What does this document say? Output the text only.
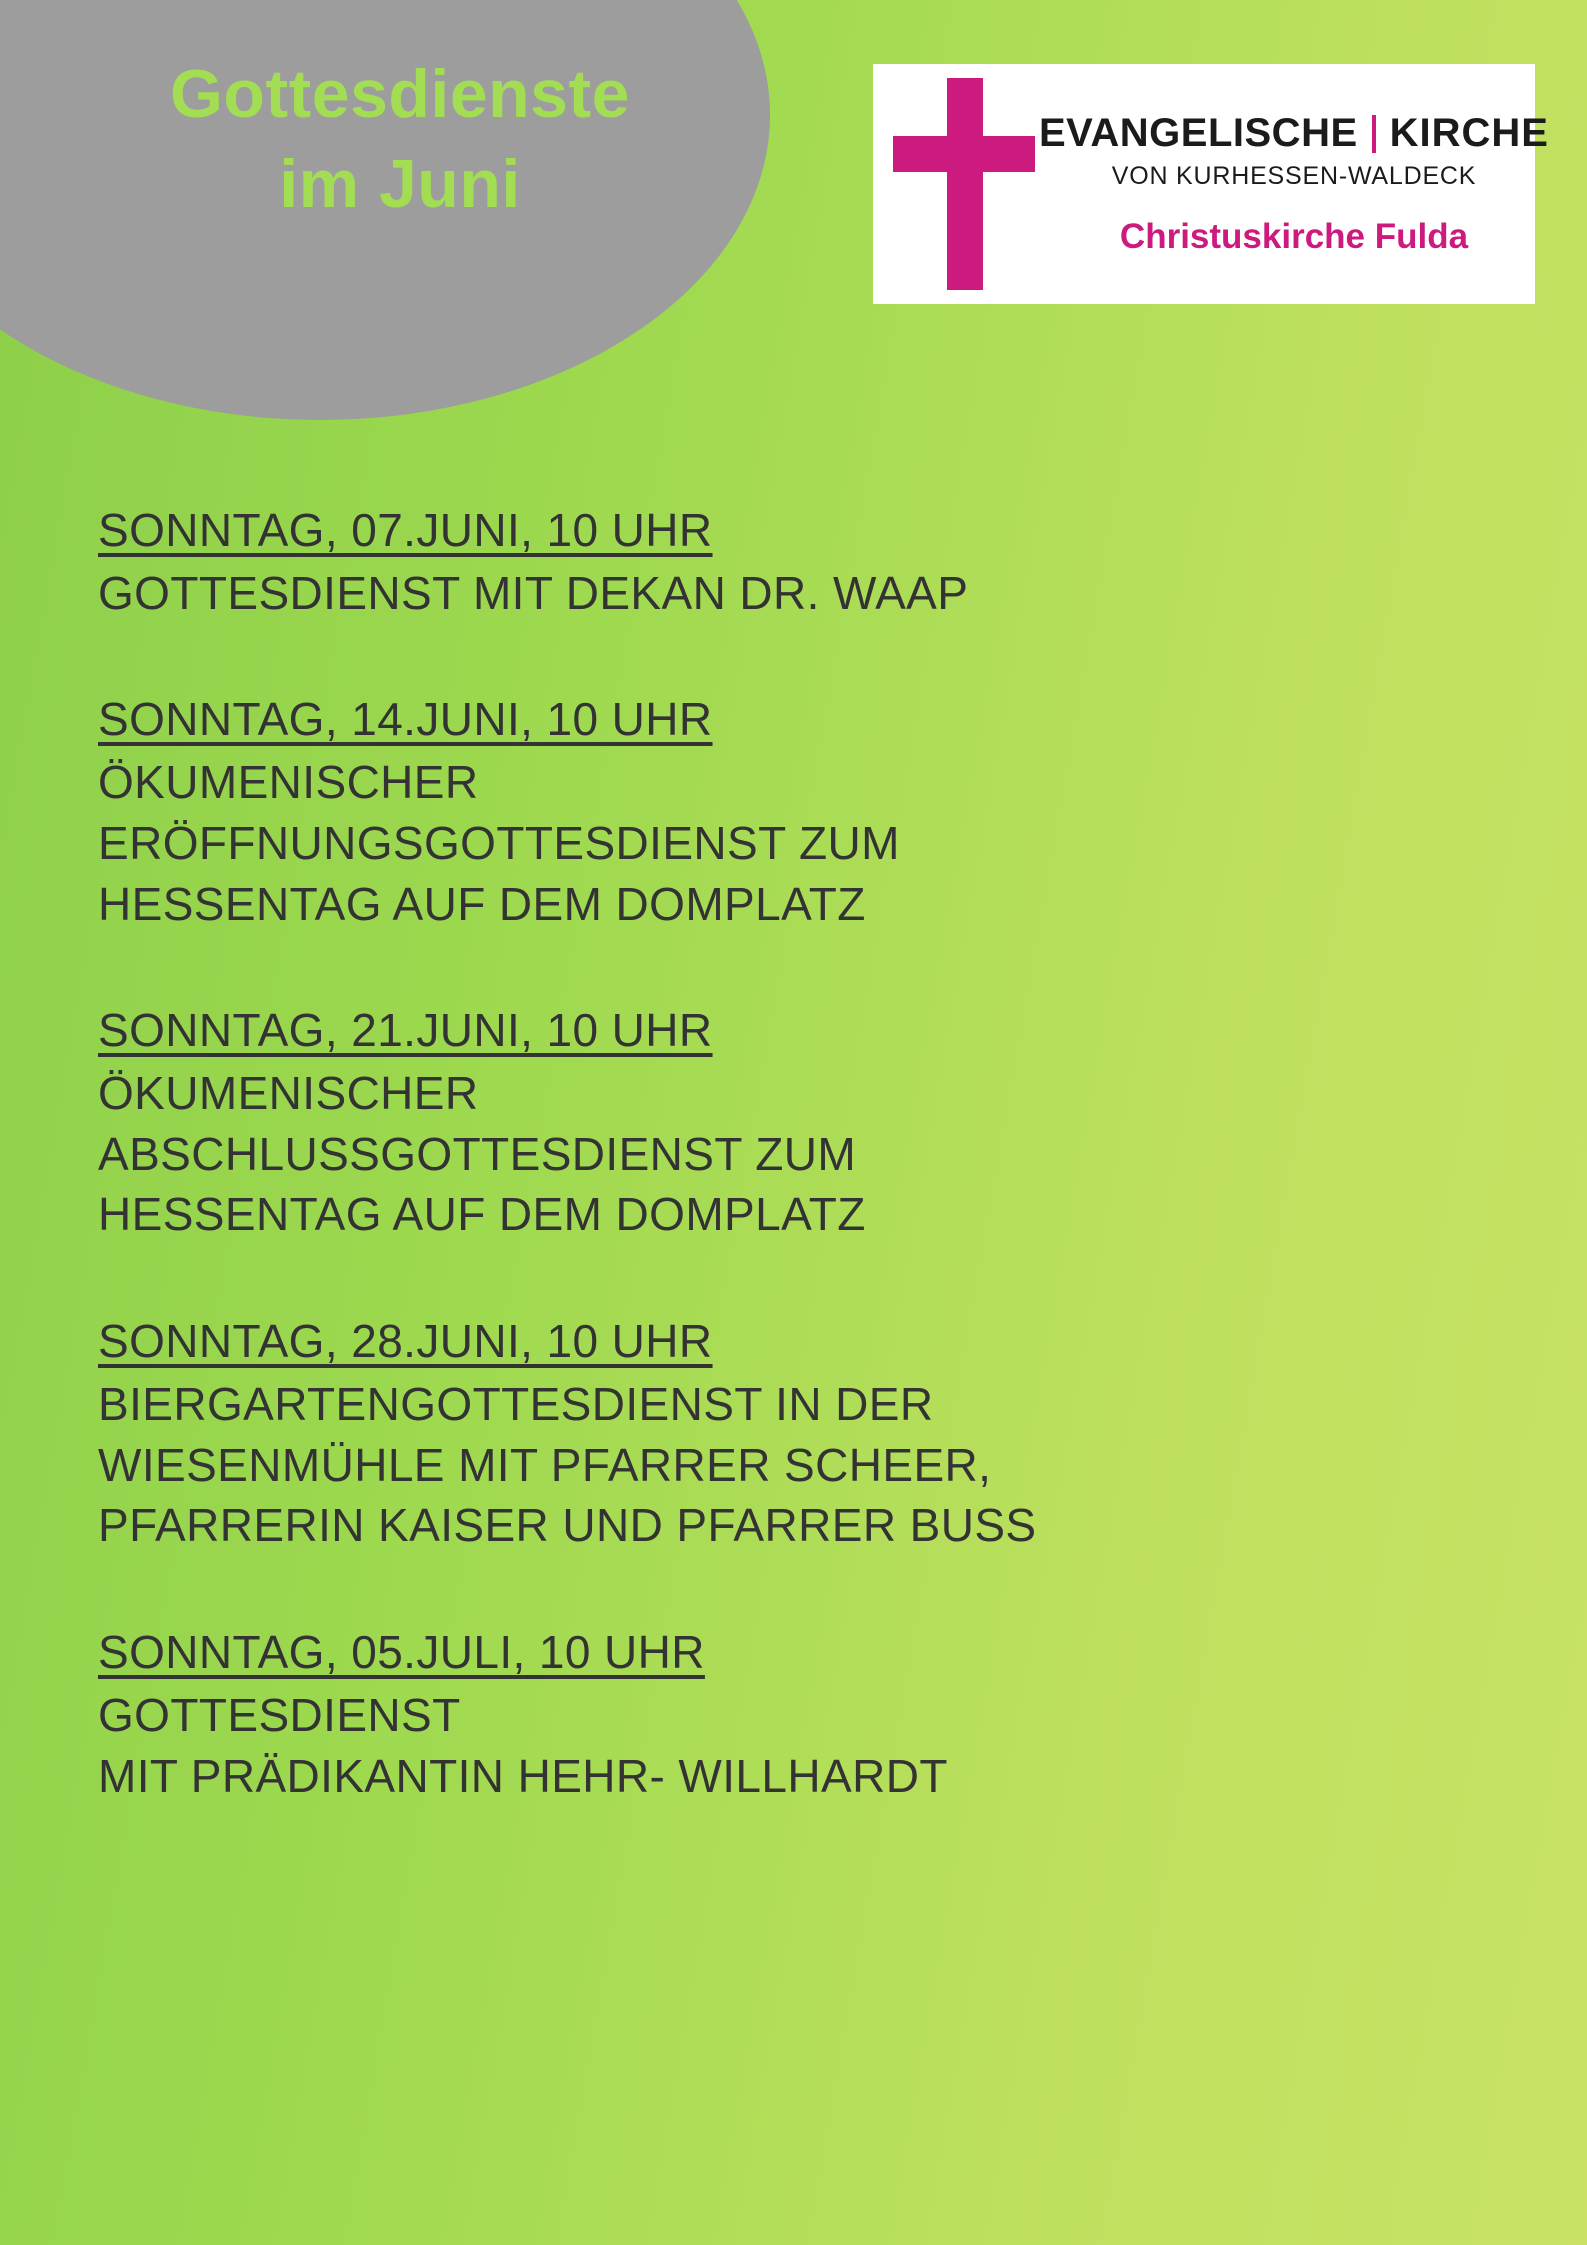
Gottesdienste
im Juni
EVANGELISCHE KIRCHE
VON KURHESSEN-WALDECK
Christuskirche Fulda
SONNTAG, 07.JUNI, 10 UHR
GOTTESDIENST MIT DEKAN DR. WAAP
SONNTAG, 14.JUNI, 10 UHR
ÖKUMENISCHER
ERÖFFNUNGSGOTTESDIENST ZUM
HESSENTAG AUF DEM DOMPLATZ
SONNTAG, 21.JUNI, 10 UHR
ÖKUMENISCHER
ABSCHLUSSGOTTESDIENST ZUM
HESSENTAG AUF DEM DOMPLATZ
SONNTAG, 28.JUNI, 10 UHR
BIERGARTENGOTTESDIENST IN DER
WIESENMÜHLE MIT PFARRER SCHEER,
PFARRERIN KAISER UND PFARRER BUSS
SONNTAG, 05.JULI, 10 UHR
GOTTESDIENST
MIT PRÄDIKANTIN HEHR- WILLHARDT
